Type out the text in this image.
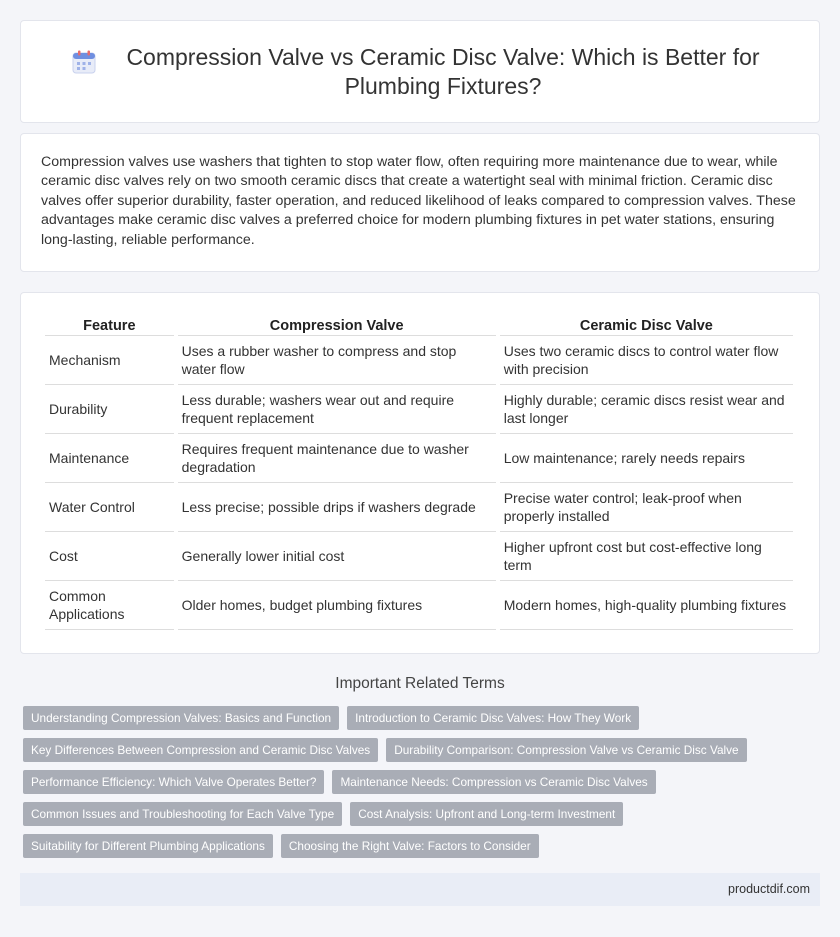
Compression Valve vs Ceramic Disc Valve: Which is Better for Plumbing Fixtures?

Compression valves use washers that tighten to stop water flow, often requiring more maintenance due to wear, while ceramic disc valves rely on two smooth ceramic discs that create a watertight seal with minimal friction. Ceramic disc valves offer superior durability, faster operation, and reduced likelihood of leaks compared to compression valves. These advantages make ceramic disc valves a preferred choice for modern plumbing fixtures in pet water stations, ensuring long-lasting, reliable performance.

Feature	Compression Valve	Ceramic Disc Valve
Mechanism	Uses a rubber washer to compress and stop water flow	Uses two ceramic discs to control water flow with precision
Durability	Less durable; washers wear out and require frequent replacement	Highly durable; ceramic discs resist wear and last longer
Maintenance	Requires frequent maintenance due to washer degradation	Low maintenance; rarely needs repairs
Water Control	Less precise; possible drips if washers degrade	Precise water control; leak-proof when properly installed
Cost	Generally lower initial cost	Higher upfront cost but cost-effective long term
Common Applications	Older homes, budget plumbing fixtures	Modern homes, high-quality plumbing fixtures
Important Related Terms
Understanding Compression Valves: Basics and Function	Introduction to Ceramic Disc Valves: How They Work
Key Differences Between Compression and Ceramic Disc Valves	Durability Comparison: Compression Valve vs Ceramic Disc Valve
Performance Efficiency: Which Valve Operates Better?	Maintenance Needs: Compression vs Ceramic Disc Valves
Common Issues and Troubleshooting for Each Valve Type	Cost Analysis: Upfront and Long-term Investment
Suitability for Different Plumbing Applications	Choosing the Right Valve: Factors to Consider
productdif.com
